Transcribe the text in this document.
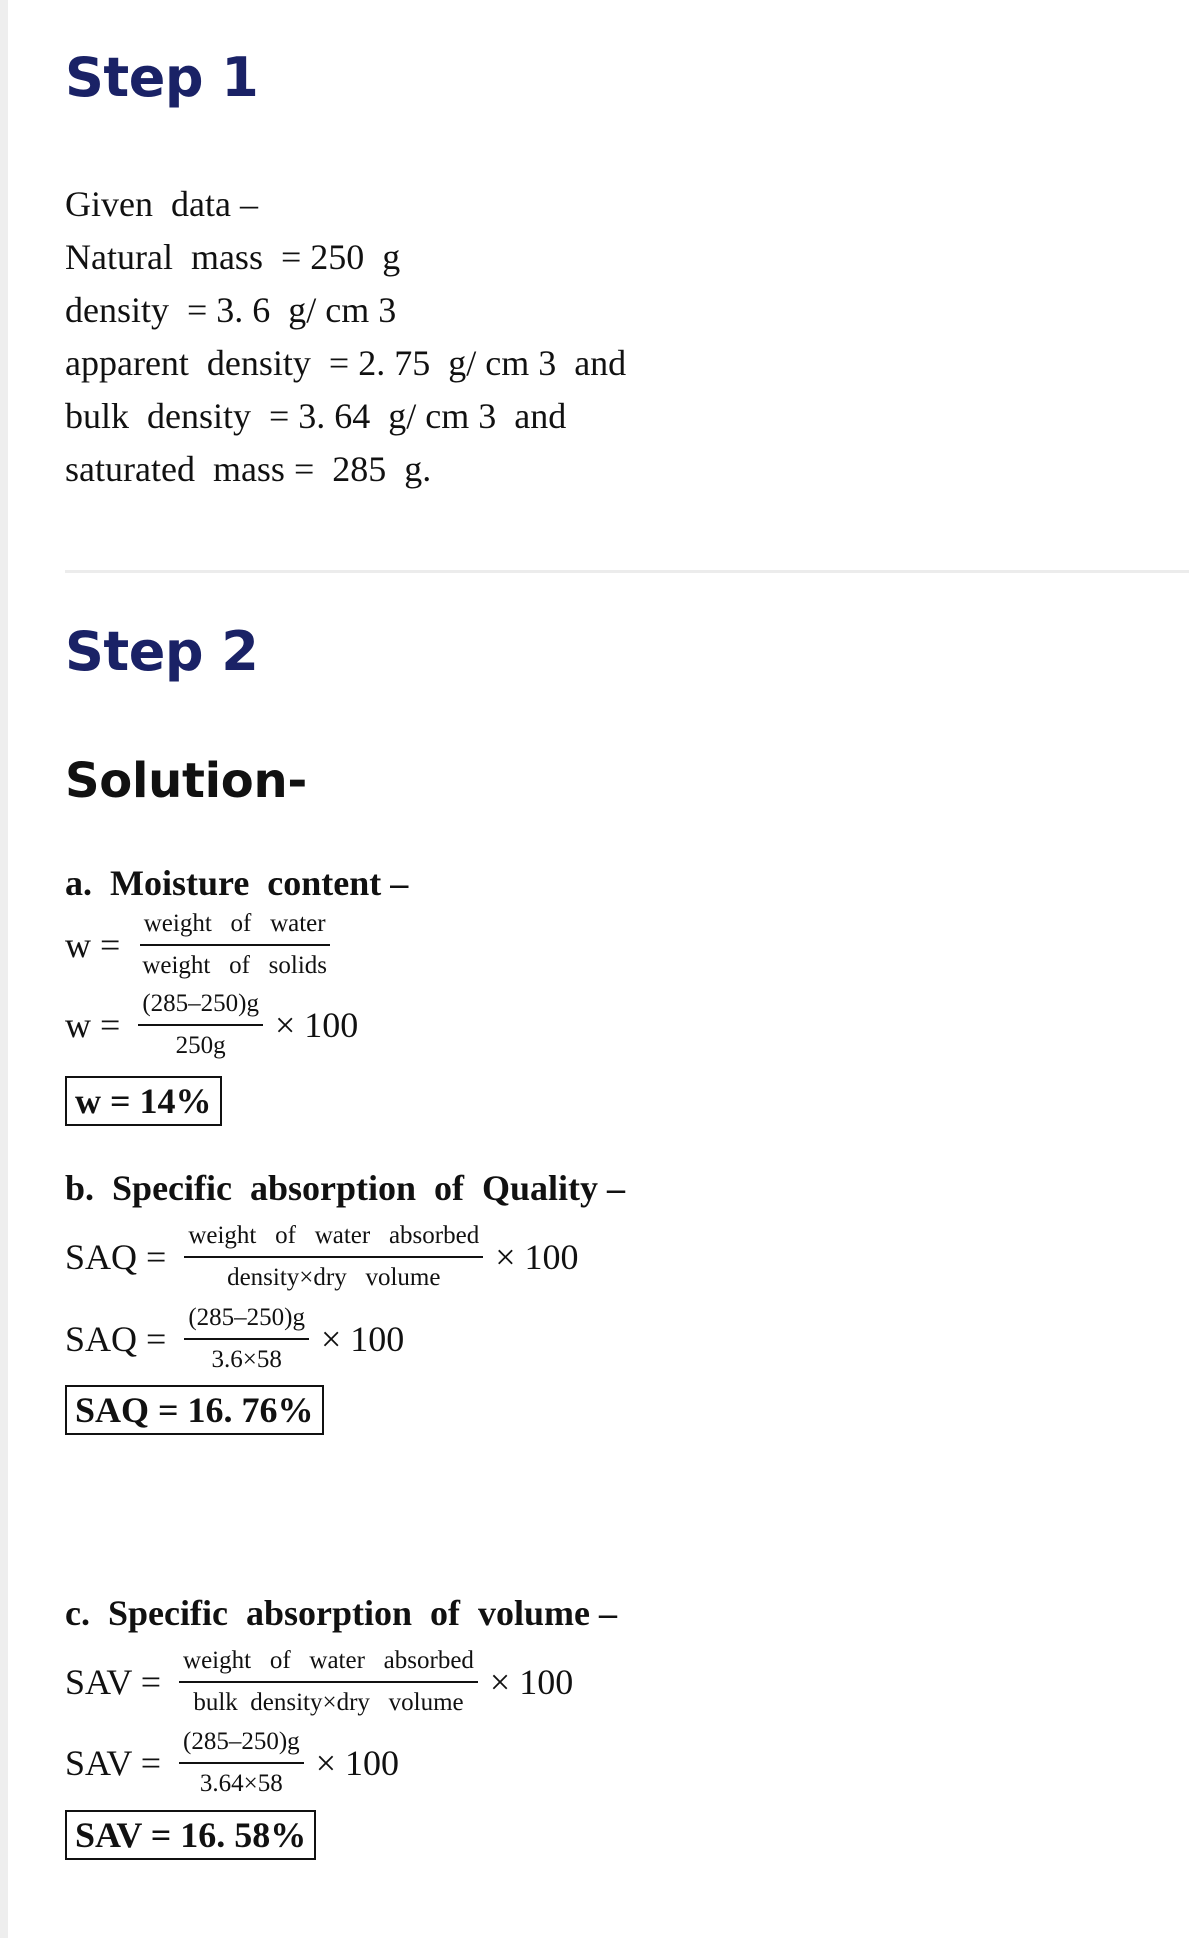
Step 1
Given  data –
Natural  mass  = 250  g
density  = 3. 6  g/ cm 3
apparent  density  = 2. 75  g/ cm 3  and
bulk  density  = 3. 64  g/ cm 3  and
saturated  mass =  285  g.
Step 2
Solution-
a.  Moisture  content –
$w = \frac{\text{weight   of   water}}{\text{weight   of   solids}}$
$w = \frac{(285-250)g}{250g} \times 100$
w = 14%
b.  Specific  absorption  of  Quality –
SAQ = $\frac{\text{weight   of   water   absorbed}}{\text{density×dry   volume}} \times 100$
SAQ = $\frac{(285-250)g}{3.6\times 58} \times 100$
SAQ = 16. 76%
c.  Specific  absorption  of  volume –
SAV = $\frac{\text{weight   of   water   absorbed}}{\text{bulk  density×dry   volume}} \times 100$
SAV = $\frac{(285-250)g}{3.64\times 58} \times 100$
SAV = 16. 58%
